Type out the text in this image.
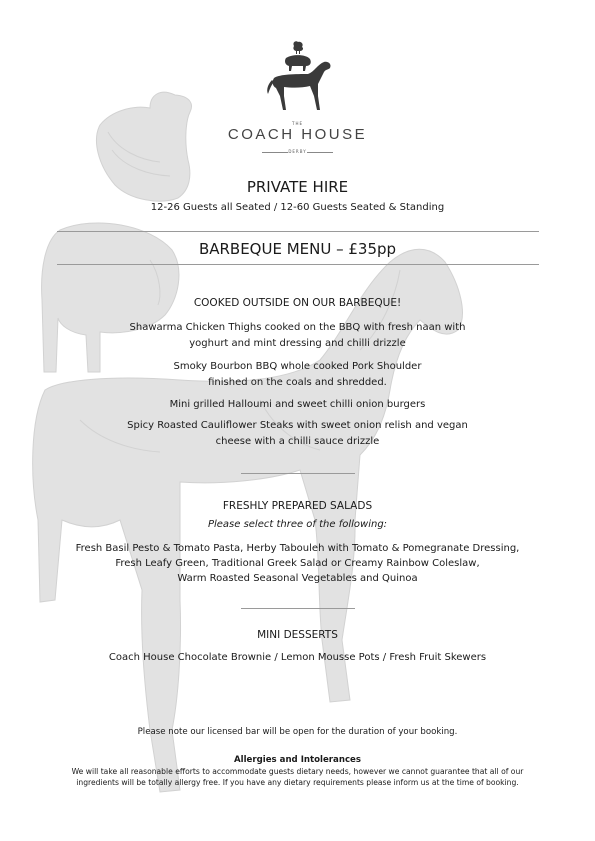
THE
COACH HOUSE
DERBY
PRIVATE HIRE
12-26 Guests all Seated / 12-60 Guests Seated & Standing
BARBEQUE MENU – £35pp
COOKED OUTSIDE ON OUR BARBEQUE!
Shawarma Chicken Thighs cooked on the BBQ with fresh naan with
yoghurt and mint dressing and chilli drizzle
Smoky Bourbon BBQ whole cooked Pork Shoulder
finished on the coals and shredded.
Mini grilled Halloumi and sweet chilli onion burgers
Spicy Roasted Cauliflower Steaks with sweet onion relish and vegan
cheese with a chilli sauce drizzle
FRESHLY PREPARED SALADS
Please select three of the following:
Fresh Basil Pesto & Tomato Pasta, Herby Tabouleh with Tomato & Pomegranate Dressing,
Fresh Leafy Green, Traditional Greek Salad or Creamy Rainbow Coleslaw,
Warm Roasted Seasonal Vegetables and Quinoa
MINI DESSERTS
Coach House Chocolate Brownie / Lemon Mousse Pots / Fresh Fruit Skewers
Please note our licensed bar will be open for the duration of your booking.
Allergies and Intolerances
We will take all reasonable efforts to accommodate guests dietary needs, however we cannot guarantee that all of our
ingredients will be totally allergy free. If you have any dietary requirements please inform us at the time of booking.
